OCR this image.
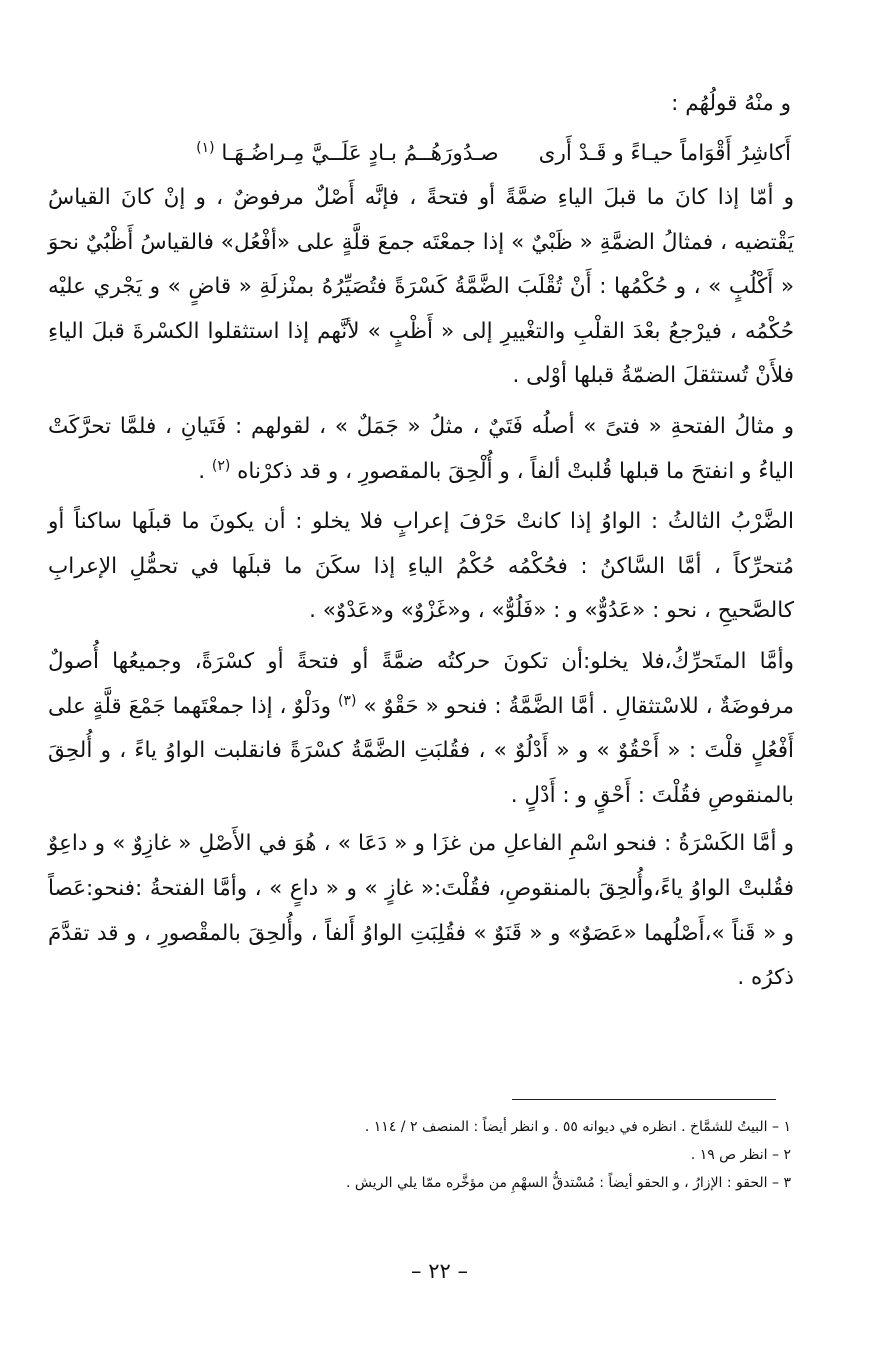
و منْهُ قولُهُم :
أَكاشِرُ أَقْوَاماً حيـاءً و قَـدْ أَرى
صـدُورَهُــمُ بـادٍ عَلَــيَّ مِـراضُـهَـا $^{(١)}$
و أمّا إذا كانَ ما قبلَ الياءِ ضمَّةً أو فتحةً ، فإنَّه أَصْلٌ مرفوضٌ ، و إنْ كانَ القياسُ يَقْتضيه ، فمثالُ الضمَّةِ « ظَبْيٌ » إذا جمعْتَه جمعَ قلَّةٍ على «أفْعُل» فالقياسُ أَظْبُيٌ نحوَ « أَكْلُبٍ » ، و حُكْمُها : أَنْ تُقْلَبَ الضَّمَّةُ كَسْرَةً فتُصَيِّرُهُ بمنْزلَةِ « قاضٍ » و يَجْري عليْه حُكْمُه ، فيرْجعُ بعْدَ القلْبِ والتغْييرِ إلى « أَظْبٍ » لأنَّهم إذا استثقلوا الكسْرةَ قبلَ الياءِ فلأَنْ تُستثقلَ الضمّةُ قبلها أوْلى .
و مثالُ الفتحةِ « فتىً » أصلُه فَتَيٌ ، مثلُ « جَمَلٌ » ، لقولهم : فَتَيانِ ، فلمَّا تحرَّكَتْ الياءُ و انفتحَ ما قبلها قُلبتْ ألفاً ، و أُلْحِقَ بالمقصورِ ، و قد ذكرْناه $^{(٢)}$ .
الضَّرْبُ الثالثُ : الواوُ إذا كانتْ حَرْفَ إعرابٍ فلا يخلو : أن يكونَ ما قبلَها ساكناً أو مُتحرِّكاً ، أمَّا السَّاكنُ : فحُكْمُه حُكْمُ الياءِ إذا سكَنَ ما قبلَها في تحمُّلِ الإعرابِ كالصَّحيحِ ، نحو : «عَدُوٌّ» و : «فَلُوٌّ» ، و«غَزْوٌ» و«عَدْوٌ» .
وأمَّا المتَحرِّكُ،فلا يخلو:أن تكونَ حركتُه ضمَّةً أو فتحةً أو كسْرَةً، وجميعُها أُصولٌ مرفوضَةٌ ، للاسْتثقالِ . أمَّا الضَّمَّةُ : فنحو « حَقْوٌ » $^{(٣)}$ ودَلْوٌ ، إذا جمعْتَهما جَمْعَ قلَّةٍ على أَفْعُلٍ قلْتَ : « أَحْقُوٌ » و « أَدْلُوٌ » ، فقُلبَتِ الضَّمَّةُ كسْرَةً فانقلبت الواوُ ياءً ، و أُلحِقَ بالمنقوصِ فقُلْتَ : أَحْقٍ و : أَدْلٍ .
و أمَّا الكَسْرَةُ : فنحو اسْمِ الفاعلِ من غزَا و « دَعَا » ، هُوَ في الأَصْلِ « غازِوٌ » و داعِوٌ فقُلبتْ الواوُ ياءً،وأُلحِقَ بالمنقوصِ، فقُلْتَ:« غازٍ » و « داعٍ » ، وأمَّا الفتحةُ :فنحو:عَصاً و « قَناً »،أَصْلُهما «عَصَوٌ» و « قَنَوٌ » فقُلِبَتِ الواوُ أَلفاً ، وأُلحِقَ بالمقْصورِ ، و قد تقدَّمَ ذكرُه .
١ – البيتُ للشمَّاخ . انظره في ديوانه ٥٥ . و انظر أيضاً : المنصف ٢ / ١١٤ .
٢ – انظر ص ١٩ .
٣ – الحقو : الإزارُ ، و الحقو أيضاً : مُسْتدقُّ السهْمِ من مؤخَّره ممّا يلي الريش .
– ٢٢ –
